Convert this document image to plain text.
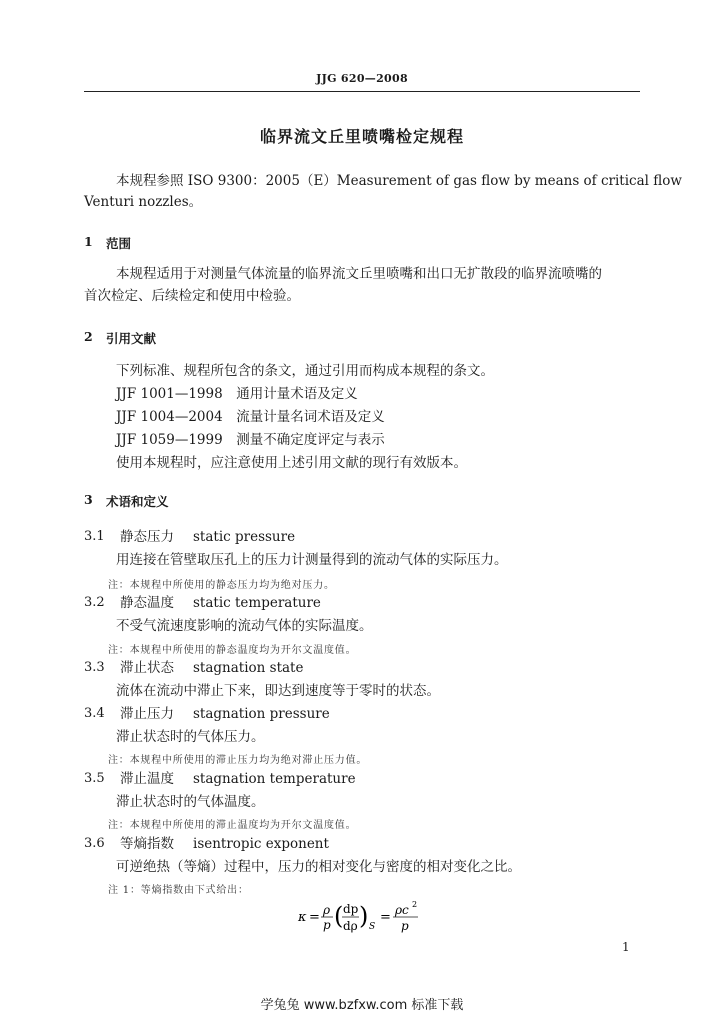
JJG 620—2008
临界流文丘里喷嘴检定规程
本规程参照 ISO 9300：2005（E）Measurement of gas flow by means of critical flow
Venturi nozzles。
1 范围
本规程适用于对测量气体流量的临界流文丘里喷嘴和出口无扩散段的临界流喷嘴的
首次检定、后续检定和使用中检验。
2 引用文献
下列标准、规程所包含的条文，通过引用而构成本规程的条文。
JJF 1001—1998　通用计量术语及定义
JJF 1004—2004　流量计量名词术语及定义
JJF 1059—1999　测量不确定度评定与表示
使用本规程时，应注意使用上述引用文献的现行有效版本。
3 术语和定义
3.1 静态压力 static pressure
用连接在管壁取压孔上的压力计测量得到的流动气体的实际压力。
注：本规程中所使用的静态压力均为绝对压力。
3.2 静态温度 static temperature
不受气流速度影响的流动气体的实际温度。
注：本规程中所使用的静态温度均为开尔文温度值。
3.3 滞止状态 stagnation state
流体在流动中滞止下来，即达到速度等于零时的状态。
3.4 滞止压力 stagnation pressure
滞止状态时的气体压力。
注：本规程中所使用的滞止压力均为绝对滞止压力值。
3.5 滞止温度 stagnation temperature
滞止状态时的气体温度。
注：本规程中所使用的滞止温度均为开尔文温度值。
3.6 等熵指数 isentropic exponent
可逆绝热（等熵）过程中，压力的相对变化与密度的相对变化之比。
注 1：等熵指数由下式给出：
κ = ρ
p ( dp
dρ ) S
= ρc 2
p
1
学兔兔 www.bzfxw.com 标准下载
